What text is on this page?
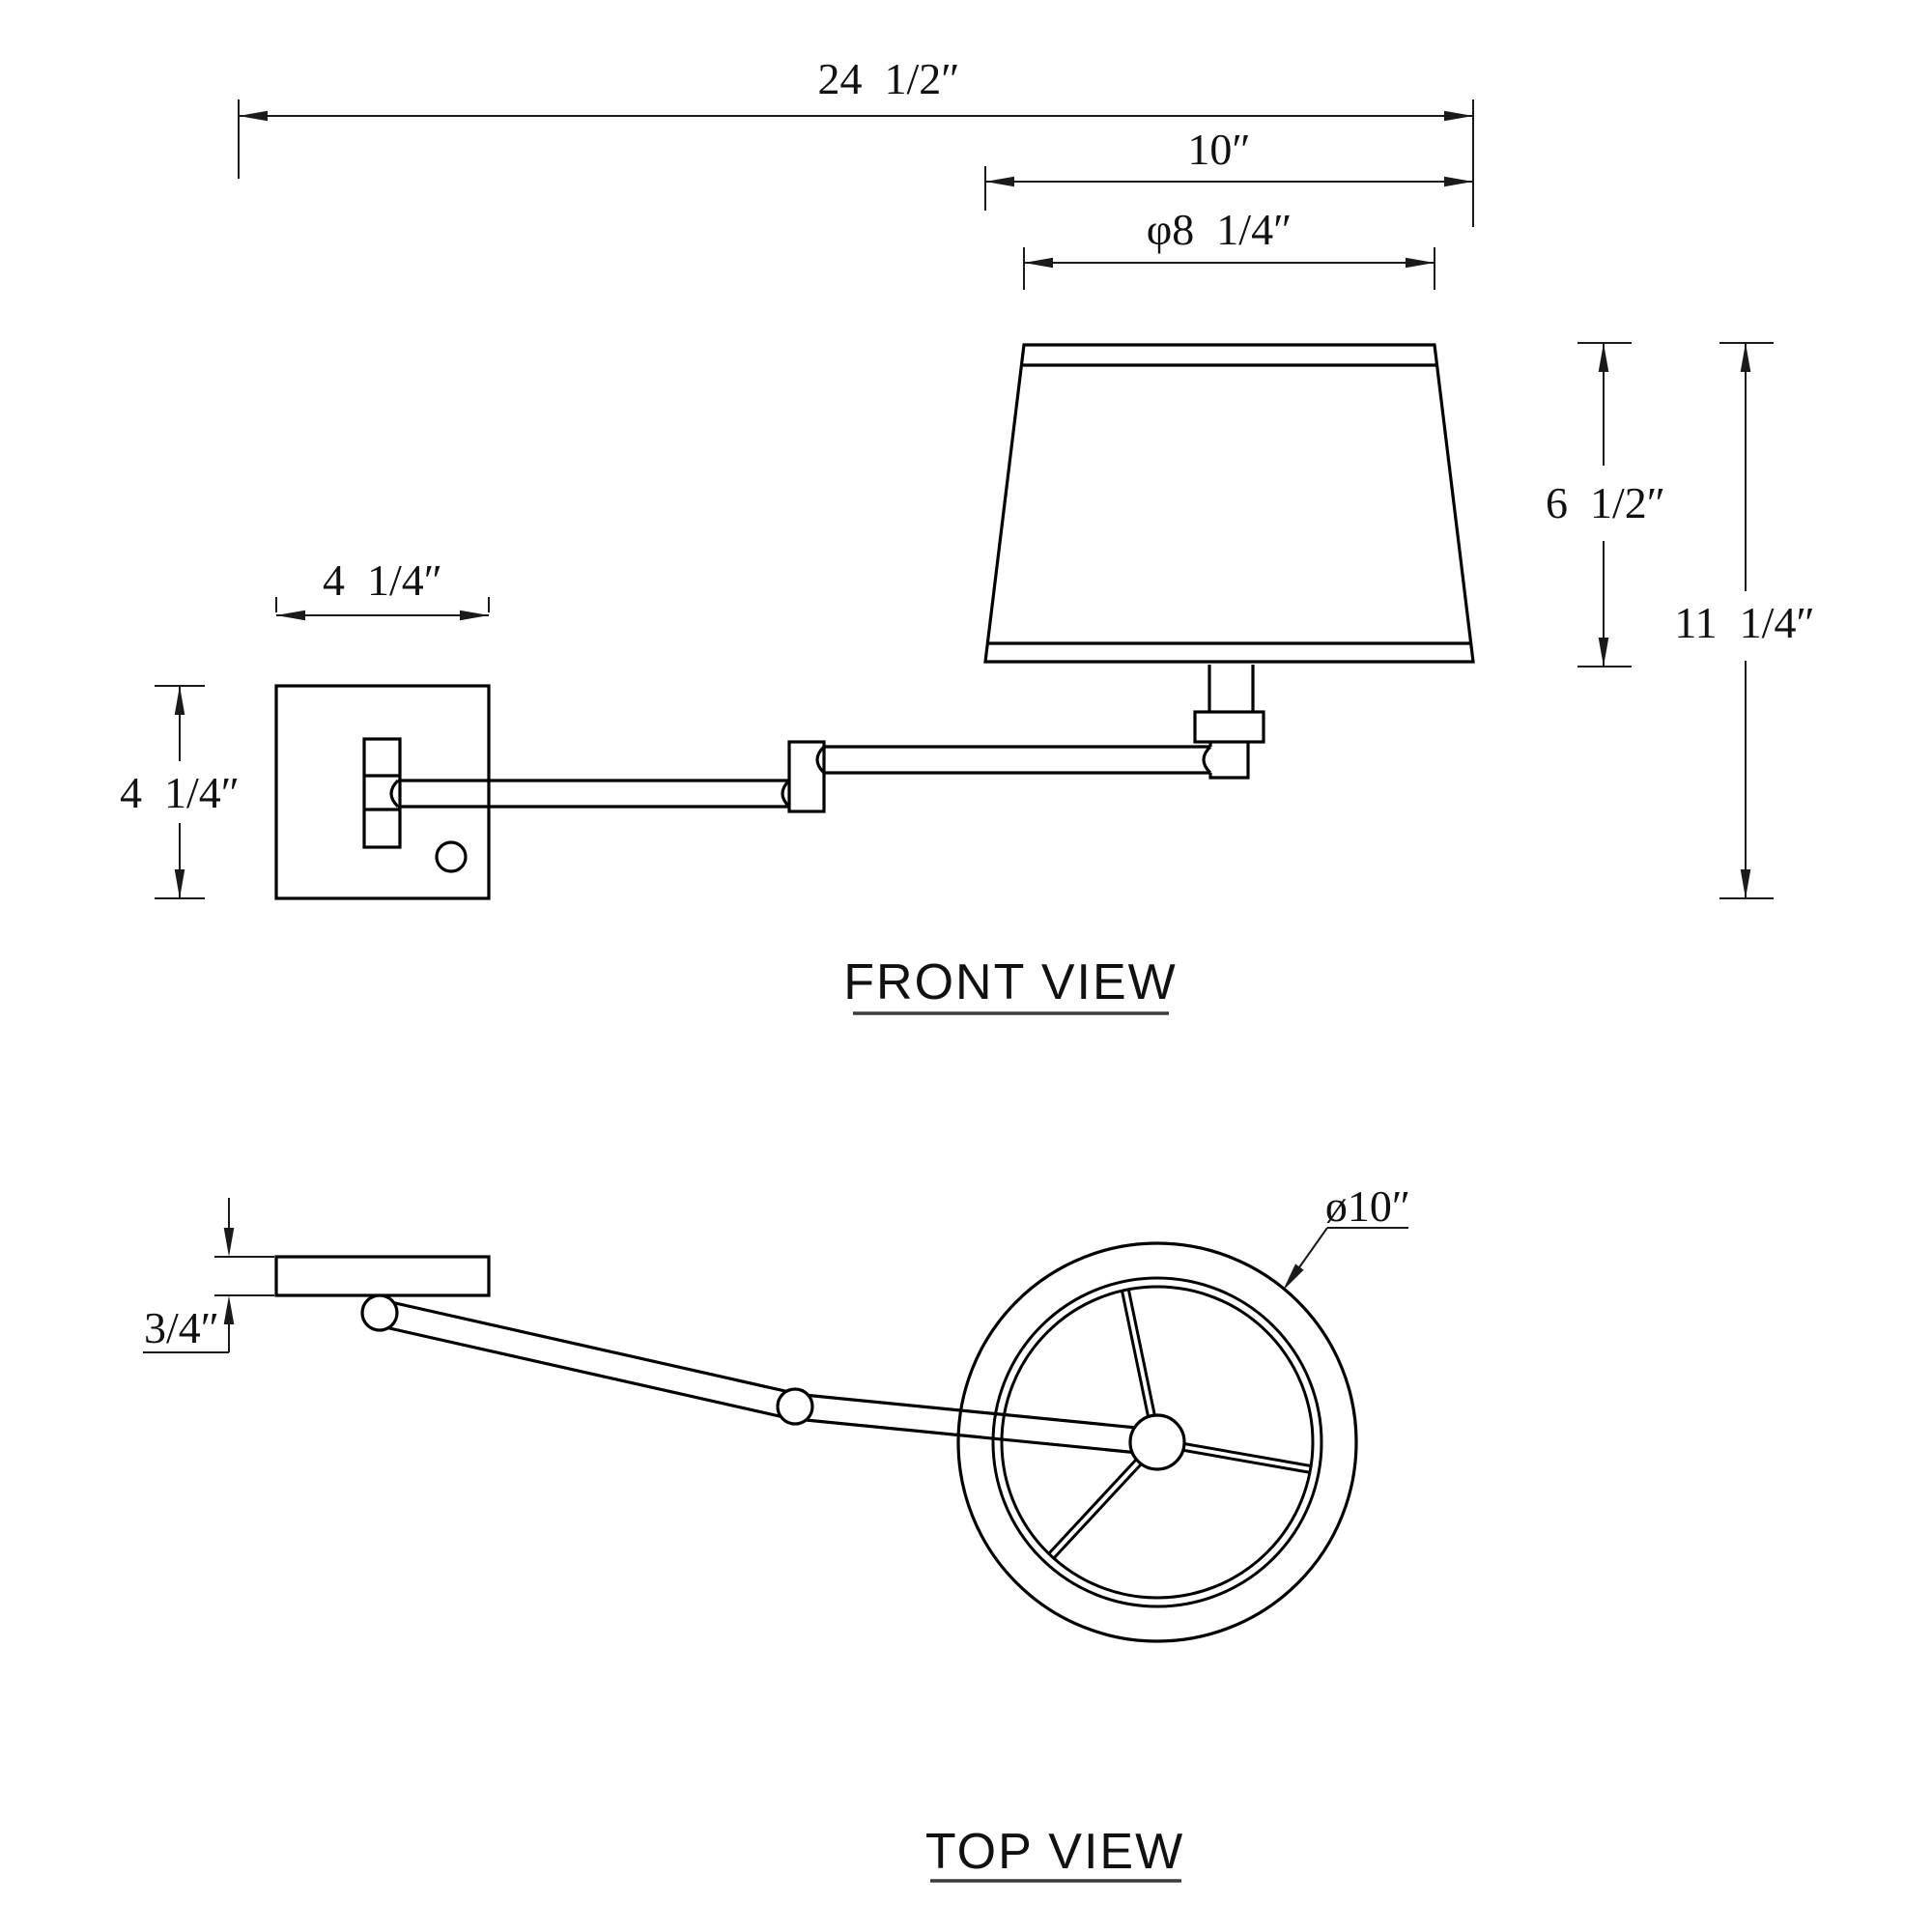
24  1/2″
10″
φ8  1/4″
4  1/4″
4  1/4″
6  1/2″
11  1/4″
FRONT VIEW
3/4″
ø10″
TOP VIEW
